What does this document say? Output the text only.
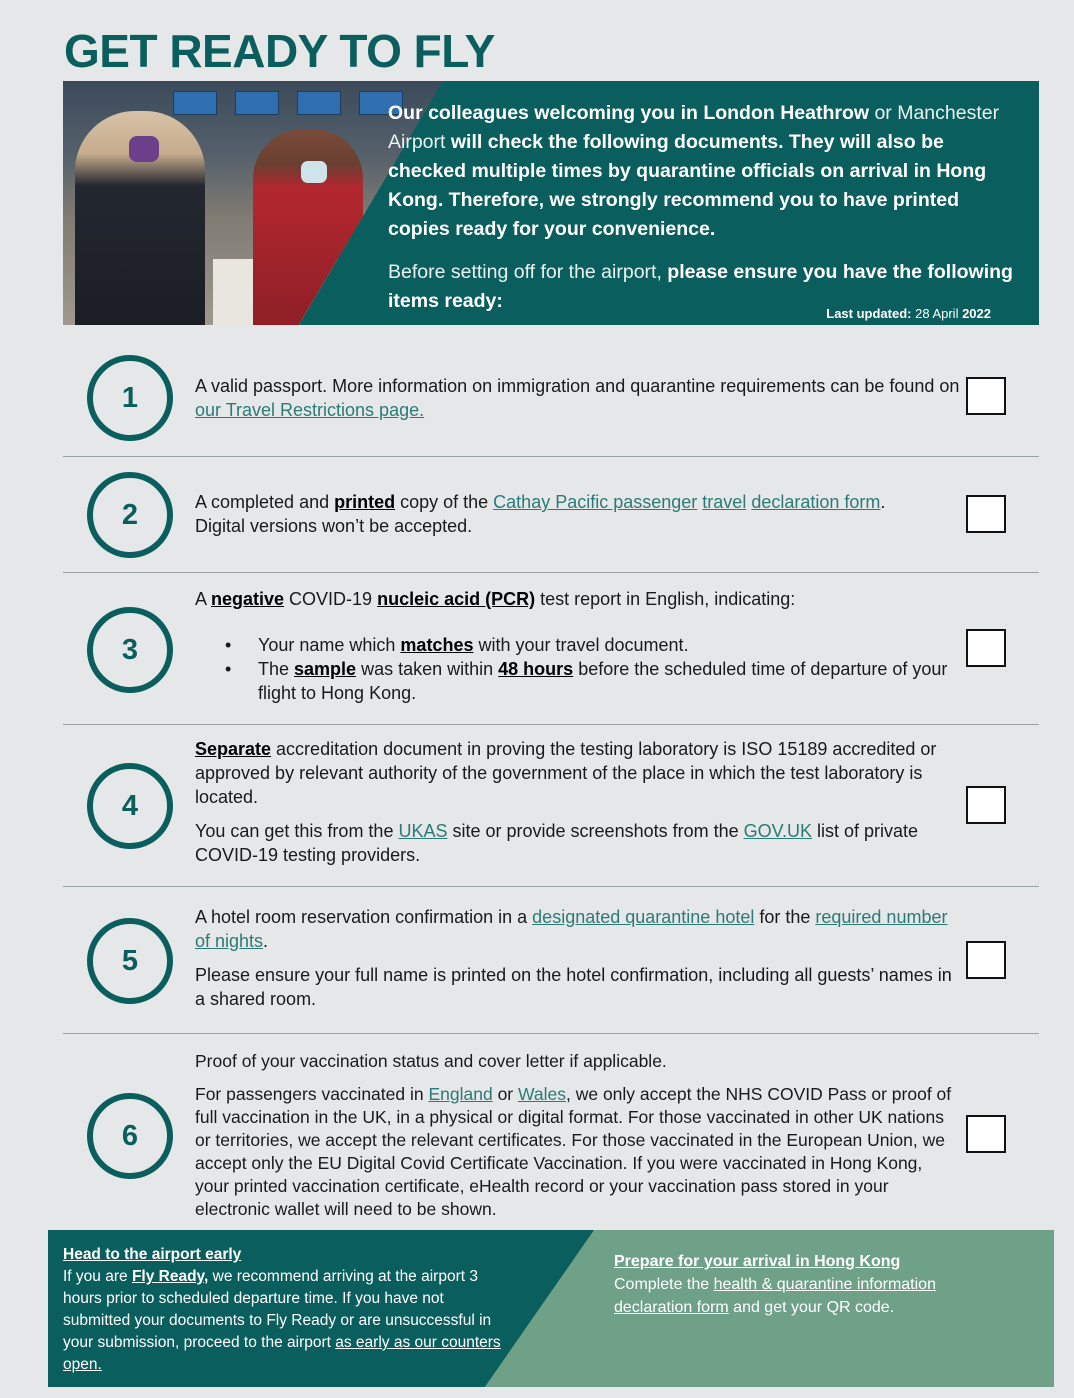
GET READY TO FLY

Our colleagues welcoming you in London Heathrow or Manchester Airport will check the following documents. They will also be checked multiple times by quarantine officials on arrival in Hong Kong. Therefore, we strongly recommend you to have printed copies ready for your convenience.

Before setting off for the airport, please ensure you have the following items ready:

Last updated: 28 April 2022
1	A valid passport. More information on immigration and quarantine requirements can be found on our Travel Restrictions page.
2	A completed and printed copy of the Cathay Pacific passenger travel declaration form.
Digital versions won’t be accepted.
3
A negative COVID-19 nucleic acid (PCR) test report in English, indicating:
• Your name which matches with your travel document.
• The sample was taken within 48 hours before the scheduled time of departure of your flight to Hong Kong.
4

Separate accreditation document in proving the testing laboratory is ISO 15189 accredited or approved by relevant authority of the government of the place in which the test laboratory is located.

You can get this from the UKAS site or provide screenshots from the GOV.UK list of private COVID-19 testing providers.

5

A hotel room reservation confirmation in a designated quarantine hotel for the required number of nights.

Please ensure your full name is printed on the hotel confirmation, including all guests’ names in a shared room.

6

Proof of your vaccination status and cover letter if applicable.

For passengers vaccinated in England or Wales, we only accept the NHS COVID Pass or proof of full vaccination in the UK, in a physical or digital format. For those vaccinated in other UK nations or territories, we accept the relevant certificates. For those vaccinated in the European Union, we accept only the EU Digital Covid Certificate Vaccination. If you were vaccinated in Hong Kong, your printed vaccination certificate, eHealth record or your vaccination pass stored in your electronic wallet will need to be shown.

Head to the airport early
If you are Fly Ready, we recommend arriving at the airport 3 hours prior to scheduled departure time. If you have not submitted your documents to Fly Ready or are unsuccessful in your submission, proceed to the airport as early as our counters open.
Prepare for your arrival in Hong Kong
Complete the health & quarantine information declaration form and get your QR code.
